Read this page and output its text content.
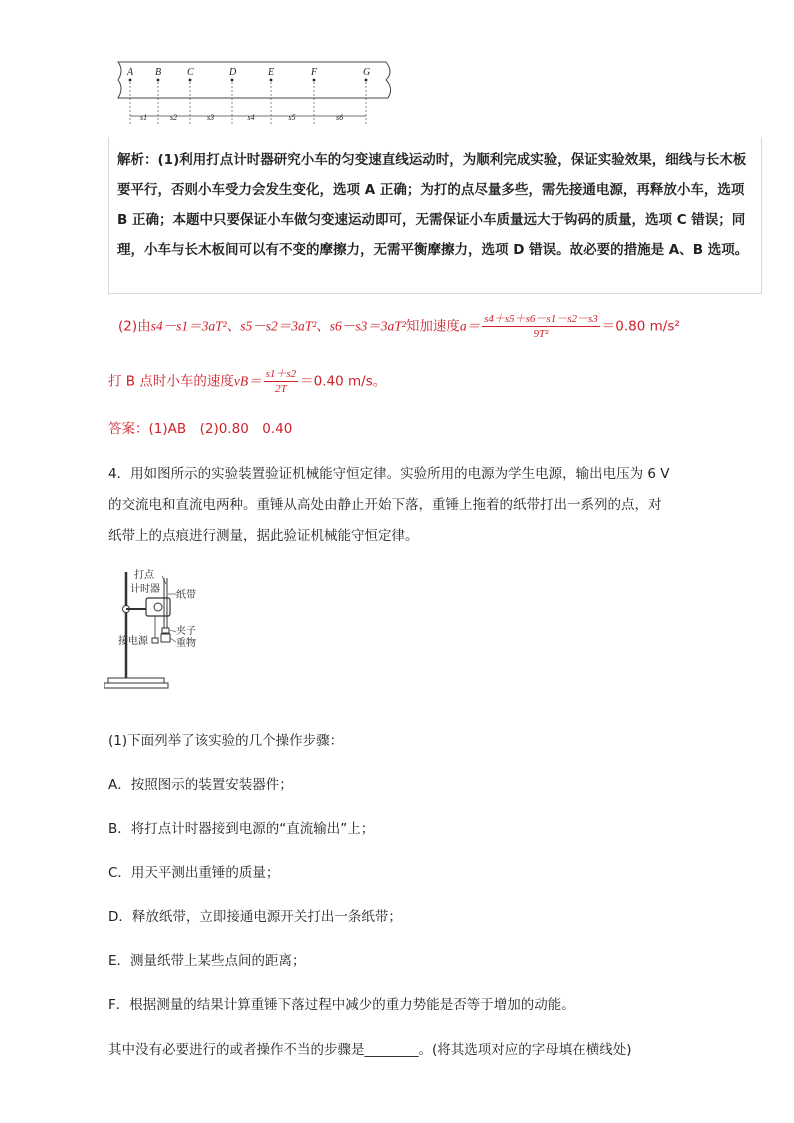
A B	C	D	E	F	G
s1	s2	s3	s4	s5	s6
解析：(1)利用打点计时器研究小车的匀变速直线运动时，为顺利完成实验，保证实验效果，细线与长木板要平行，否则小车受力会发生变化，选项 A 正确；为打的点尽量多些，需先接通电源，再释放小车，选项 B 正确；本题中只要保证小车做匀变速运动即可，无需保证小车质量远大于钩码的质量，选项 C 错误；同理，小车与长木板间可以有不变的摩擦力，无需平衡摩擦力，选项 D 错误。故必要的措施是 A、B 选项。
(2)由s4－s1＝3aT²、s5－s2＝3aT²、s6－s3＝3aT²知加速度$a= \frac{s4+s5+s6-s1-s2-s3}{\text{9T²}} =0.80$ m/s²
打 B 点时小车的速度$vB= \frac{s1+s2}{2T} =0.40$ m/s。
答案：(1)AB　(2)0.80　0.40
4．用如图所示的实验装置验证机械能守恒定律。实验所用的电源为学生电源，输出电压为 6 V
的交流电和直流电两种。重锤从高处由静止开始下落，重锤上拖着的纸带打出一系列的点，对
纸带上的点痕进行测量，据此验证机械能守恒定律。
打点
计时器
纸带
夹子
接电源	重物
(1)下面列举了该实验的几个操作步骤：
A．按照图示的装置安装器件；
B．将打点计时器接到电源的“直流输出”上；
C．用天平测出重锤的质量；
D．释放纸带，立即接通电源开关打出一条纸带；
E．测量纸带上某些点间的距离；
F．根据测量的结果计算重锤下落过程中减少的重力势能是否等于增加的动能。
其中没有必要进行的或者操作不当的步骤是________。(将其选项对应的字母填在横线处)
